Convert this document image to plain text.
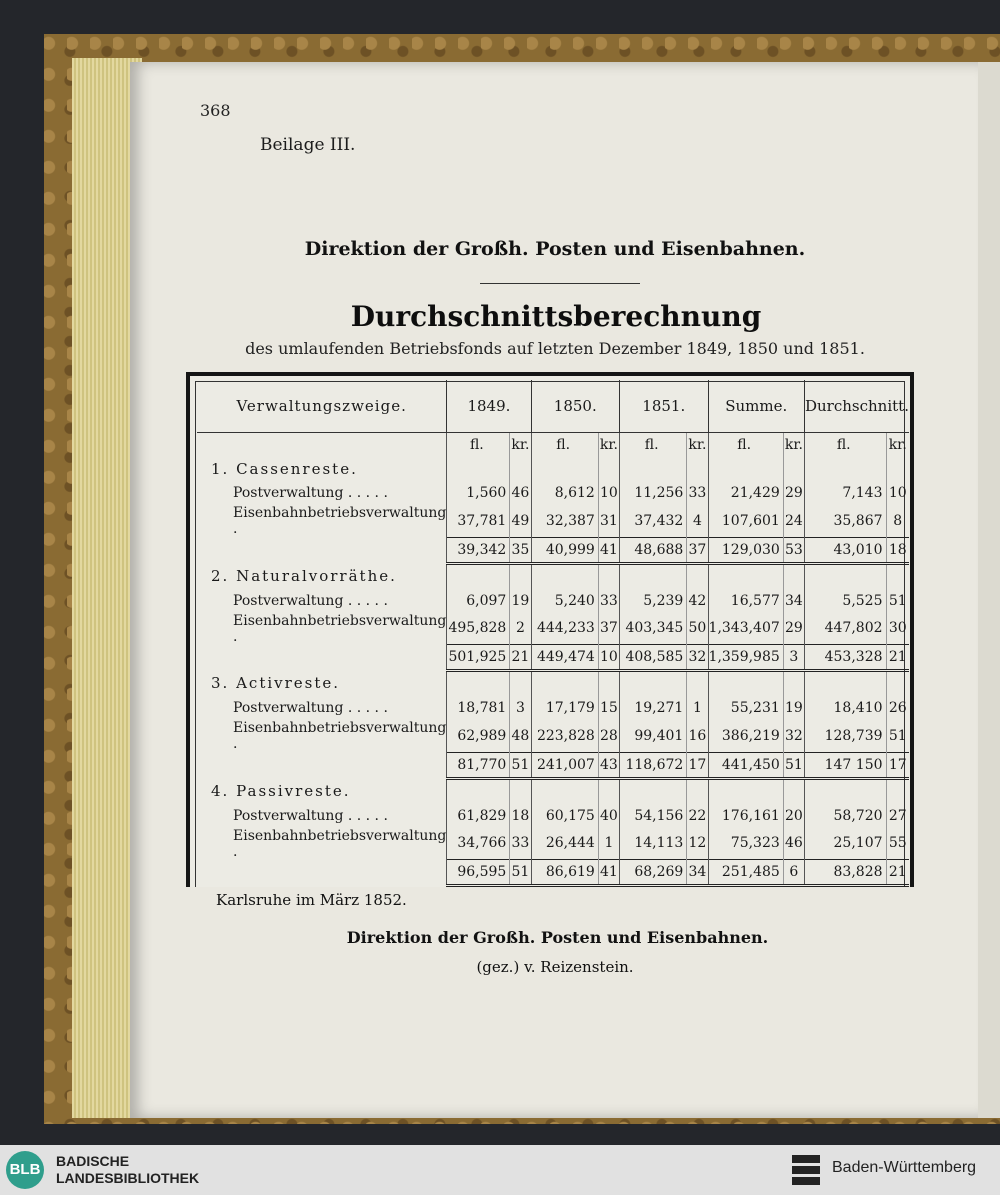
368
Beilage III.
Direktion der Großh. Posten und Eisenbahnen.
Durchschnittsberechnung
des umlaufenden Betriebsfonds auf letzten Dezember 1849, 1850 und 1851.
Verwaltungszweige.	1849.		1850.		1851.		Summe.		Durchschnitt.	
	fl.	kr.	fl.	kr.	fl.	kr.	fl.	kr.	fl.	kr.
1. Cassenreste.										
Postverwaltung . . . . .	1,560	46	8,612	10	11,256	33	21,429	29	7,143	10
Eisenbahnbetriebsverwaltung .	37,781	49	32,387	31	37,432	4	107,601	24	35,867	8
	39,342	35	40,999	41	48,688	37	129,030	53	43,010	18
2. Naturalvorräthe.										
Postverwaltung . . . . .	6,097	19	5,240	33	5,239	42	16,577	34	5,525	51
Eisenbahnbetriebsverwaltung .	495,828	2	444,233	37	403,345	50	1,343,407	29	447,802	30
	501,925	21	449,474	10	408,585	32	1,359,985	3	453,328	21
3. Activreste.										
Postverwaltung . . . . .	18,781	3	17,179	15	19,271	1	55,231	19	18,410	26
Eisenbahnbetriebsverwaltung .	62,989	48	223,828	28	99,401	16	386,219	32	128,739	51
	81,770	51	241,007	43	118,672	17	441,450	51	147 150	17
4. Passivreste.										
Postverwaltung . . . . .	61,829	18	60,175	40	54,156	22	176,161	20	58,720	27
Eisenbahnbetriebsverwaltung .	34,766	33	26,444	1	14,113	12	75,323	46	25,107	55
	96,595	51	86,619	41	68,269	34	251,485	6	83,828	21
Karlsruhe im März 1852.
Direktion der Großh. Posten und Eisenbahnen.
(gez.) v. Reizenstein.
BLB BADISCHE
LANDESBIBLIOTHEK
Baden-Württemberg
